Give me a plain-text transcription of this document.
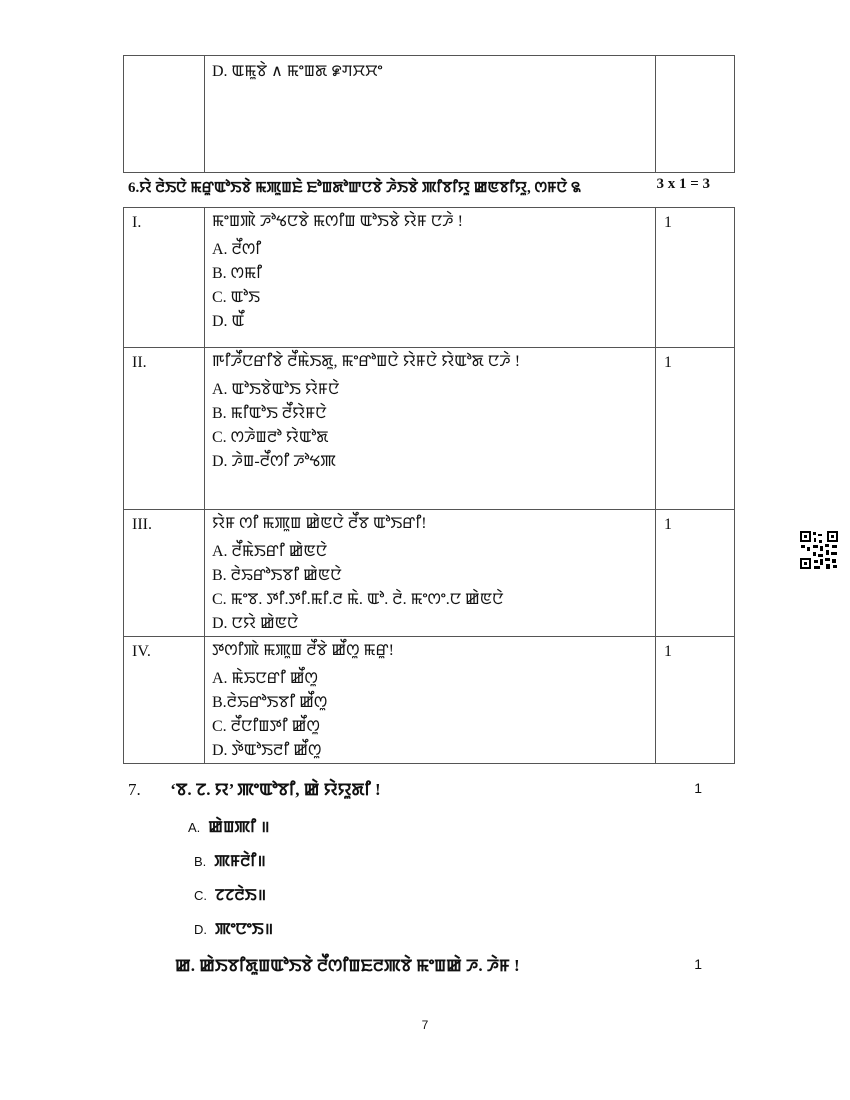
D. ꯑꯃꯨꯕꯥ ∧ ꯃꯦꯡꯗ ꯹ꯚꯆꯆꯦ

6.ꯌꯥ ꯂꯥꯏꯅꯥ ꯃꯔꯨꯑꯣꯏꯕꯥ ꯃꯄꯨꯡꯐꯥ ꯐꯣꯡꯗꯣꯛꯅꯕꯥ ꯍꯥꯏꯕꯥ ꯄꯤꯕꯤꯌꯨ ꯀꯟꯕꯤꯌꯨ, ꯁꯝꯅꯥ ꯲	3 x 1 = 3
I.	ꯃꯦꯡꯄꯥ ꯍꯣꯠꯅꯕꯥ ꯃꯁꯤꯡ ꯑꯣꯏꯕꯥ ꯌꯥꯝ ꯅꯍꯥ !
A. ꯂꯩꯁꯤ
B. ꯁꯃꯤ
C. ꯑꯣꯏ
D. ꯑꯩ	1
II.	ꯒꯤꯍꯩꯅꯔꯤꯕꯥ ꯂꯩꯃꯥꯏꯗꯨ, ꯃꯦꯔꯣꯡꯅꯥ ꯌꯥꯝꯅꯥ ꯌꯥꯑꯣꯗ ꯅꯍꯥ !
A. ꯑꯣꯏꯕꯥꯑꯣꯏ ꯌꯥꯝꯅꯥ
B. ꯃꯤꯑꯣꯏ ꯂꯩꯌꯥꯝꯅꯥ
C. ꯁꯍꯥꯡꯂꯣ ꯌꯥꯑꯣꯗ
D. ꯍꯥꯡ-ꯂꯩꯁꯤ ꯍꯣꯠꯄ	1
III.	ꯌꯥꯝ ꯁꯤ ꯃꯄꯨꯡ ꯀꯥꯟꯅꯥ ꯂꯩꯕ ꯑꯣꯏꯔꯤ!
A. ꯂꯩꯃꯥꯏꯔꯤ ꯀꯥꯟꯅꯥ
B. ꯂꯥꯢꯔꯣꯏꯕꯤ ꯀꯥꯟꯅꯥ
C. ꯃꯦꯕ. ꯇꯤ.ꯇꯤ.ꯃꯤ.ꯂ ꯃꯥ. ꯑꯣ. ꯂꯥ. ꯃꯦꯁꯦ.ꯅ ꯀꯥꯟꯅꯥ
D. ꯅꯌꯥ ꯀꯥꯟꯅꯥ	1
IV.	ꯇꯁꯤꯄꯥ ꯃꯄꯨꯡ ꯂꯩꯕꯥ ꯀꯩꯁꯨ ꯃꯔꯨ!
A. ꯃꯥꯢꯅꯔꯤ ꯀꯩꯁꯨ
B.ꯂꯥꯢꯔꯣꯏꯕꯤ ꯀꯩꯁꯨ
C. ꯂꯩꯅꯤꯡꯇꯤ ꯀꯩꯁꯨ
D. ꯇꯥꯑꯣꯏꯂꯤ ꯀꯩꯁꯨ	1
7. ‘ꯕ. ꯖ. ꯌ’ ꯄꯦꯑꯣꯕꯤ, ꯀꯥ ꯌꯥꯌꯨꯗꯤ !	1
A. ꯀꯥꯡꯄꯤ ॥
B. ꯄꯝꯂꯥꯤ॥
C. ꯖꯖꯂꯥꯏ॥
D. ꯄꯦꯅꯦꯏ॥
ꯀ. ꯀꯥꯏꯕꯤꯗꯨꯡꯑꯣꯏꯕꯥ ꯂꯩꯁꯤꯡꯐꯂꯄꯕꯥ ꯃꯦꯡꯀꯥ ꯍ. ꯍꯥꯝ !	1
7
